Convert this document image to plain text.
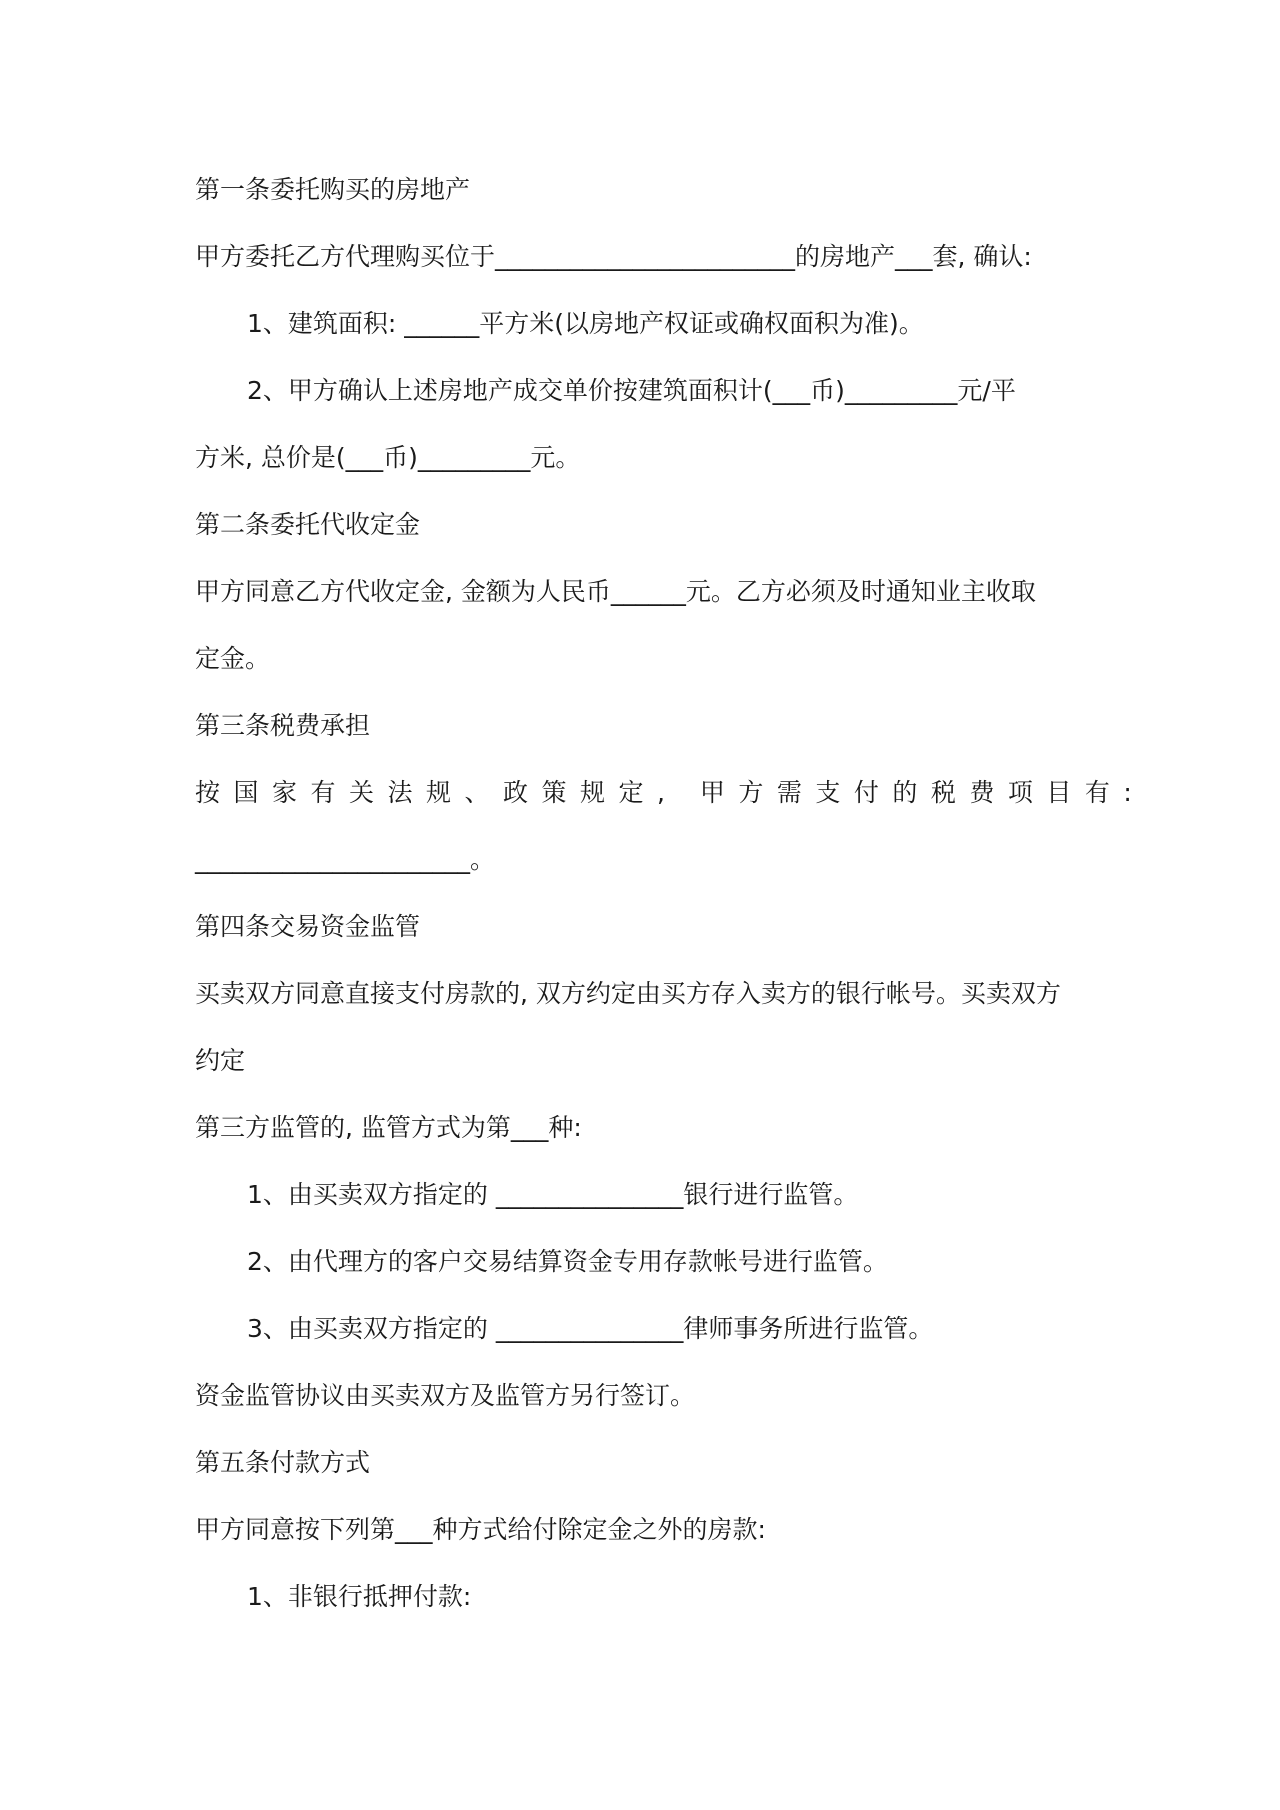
第一条委托购买的房地产
甲方委托乙方代理购买位于________________________的房地产___套, 确认:
1、建筑面积: ______平方米(以房地产权证或确权面积为准)。
2、甲方确认上述房地产成交单价按建筑面积计(___币)_________元/平
方米, 总价是(___币)_________元。
第二条委托代收定金
甲方同意乙方代收定金, 金额为人民币______元。乙方必须及时通知业主收取
定金。
第三条税费承担
按国家有关法规、政策规定, 甲方需支付的税费项目有:
______________________。
第四条交易资金监管
买卖双方同意直接支付房款的, 双方约定由买方存入卖方的银行帐号。买卖双方
约定
第三方监管的, 监管方式为第___种:
1、由买卖双方指定的 _______________银行进行监管。
2、由代理方的客户交易结算资金专用存款帐号进行监管。
3、由买卖双方指定的 _______________律师事务所进行监管。
资金监管协议由买卖双方及监管方另行签订。
第五条付款方式
甲方同意按下列第___种方式给付除定金之外的房款:
1、非银行抵押付款:
